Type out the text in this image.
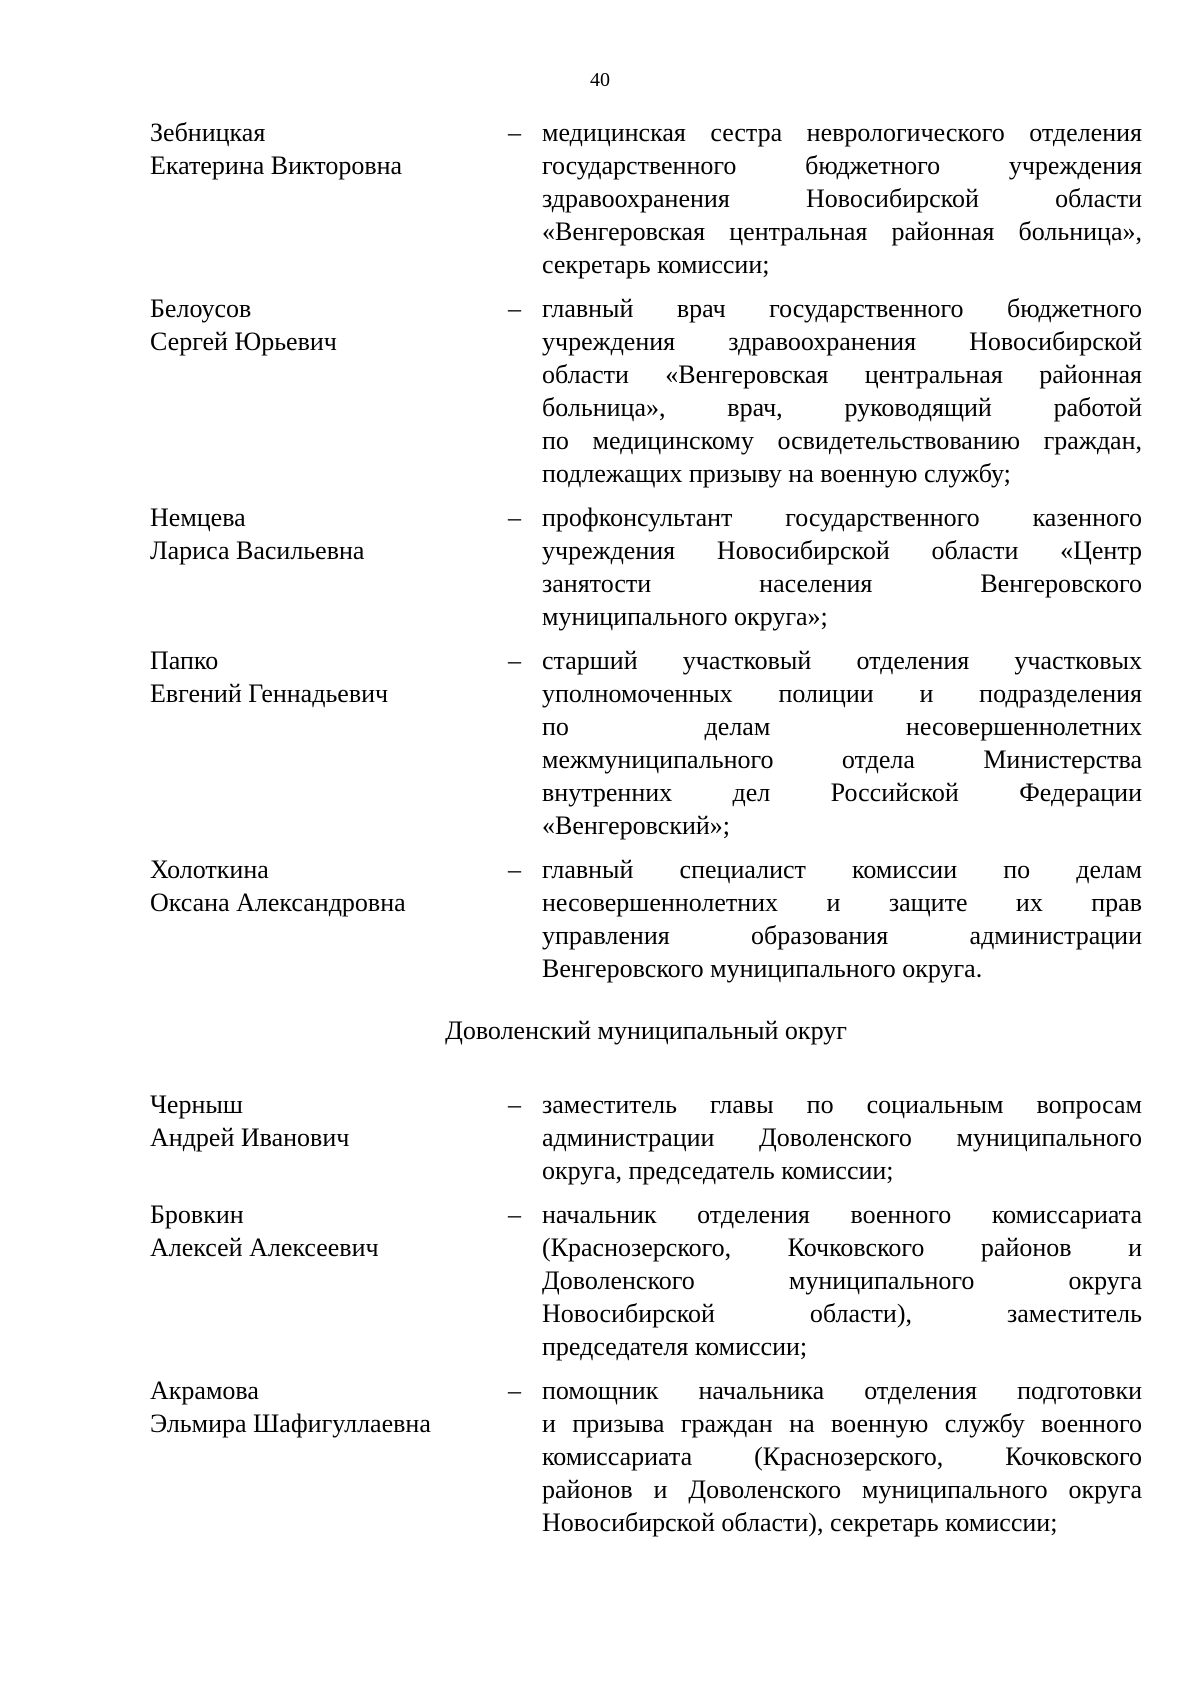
40
Зебницкая
Екатерина Викторовна
– медицинская сестра неврологического отделения
государственного бюджетного учреждения
здравоохранения Новосибирской области
«Венгеровская центральная районная больница»,
секретарь комиссии;
Белоусов
Сергей Юрьевич
– главный врач государственного бюджетного
учреждения здравоохранения Новосибирской
области «Венгеровская центральная районная
больница», врач, руководящий работой
по медицинскому освидетельствованию граждан,
подлежащих призыву на военную службу;
Немцева
Лариса Васильевна
– профконсультант государственного казенного
учреждения Новосибирской области «Центр
занятости населения Венгеровского
муниципального округа»;
Папко
Евгений Геннадьевич
– старший участковый отделения участковых
уполномоченных полиции и подразделения
по делам несовершеннолетних
межмуниципального отдела Министерства
внутренних дел Российской Федерации
«Венгеровский»;
Холоткина
Оксана Александровна
– главный специалист комиссии по делам
несовершеннолетних и защите их прав
управления образования администрации
Венгеровского муниципального округа.
Доволенский муниципальный округ
Черныш
Андрей Иванович
– заместитель главы по социальным вопросам
администрации Доволенского муниципального
округа, председатель комиссии;
Бровкин
Алексей Алексеевич
– начальник отделения военного комиссариата
(Краснозерского, Кочковского районов и
Доволенского муниципального округа
Новосибирской области), заместитель
председателя комиссии;
Акрамова
Эльмира Шафигуллаевна
– помощник начальника отделения подготовки
и призыва граждан на военную службу военного
комиссариата (Краснозерского, Кочковского
районов и Доволенского муниципального округа
Новосибирской области), секретарь комиссии;
